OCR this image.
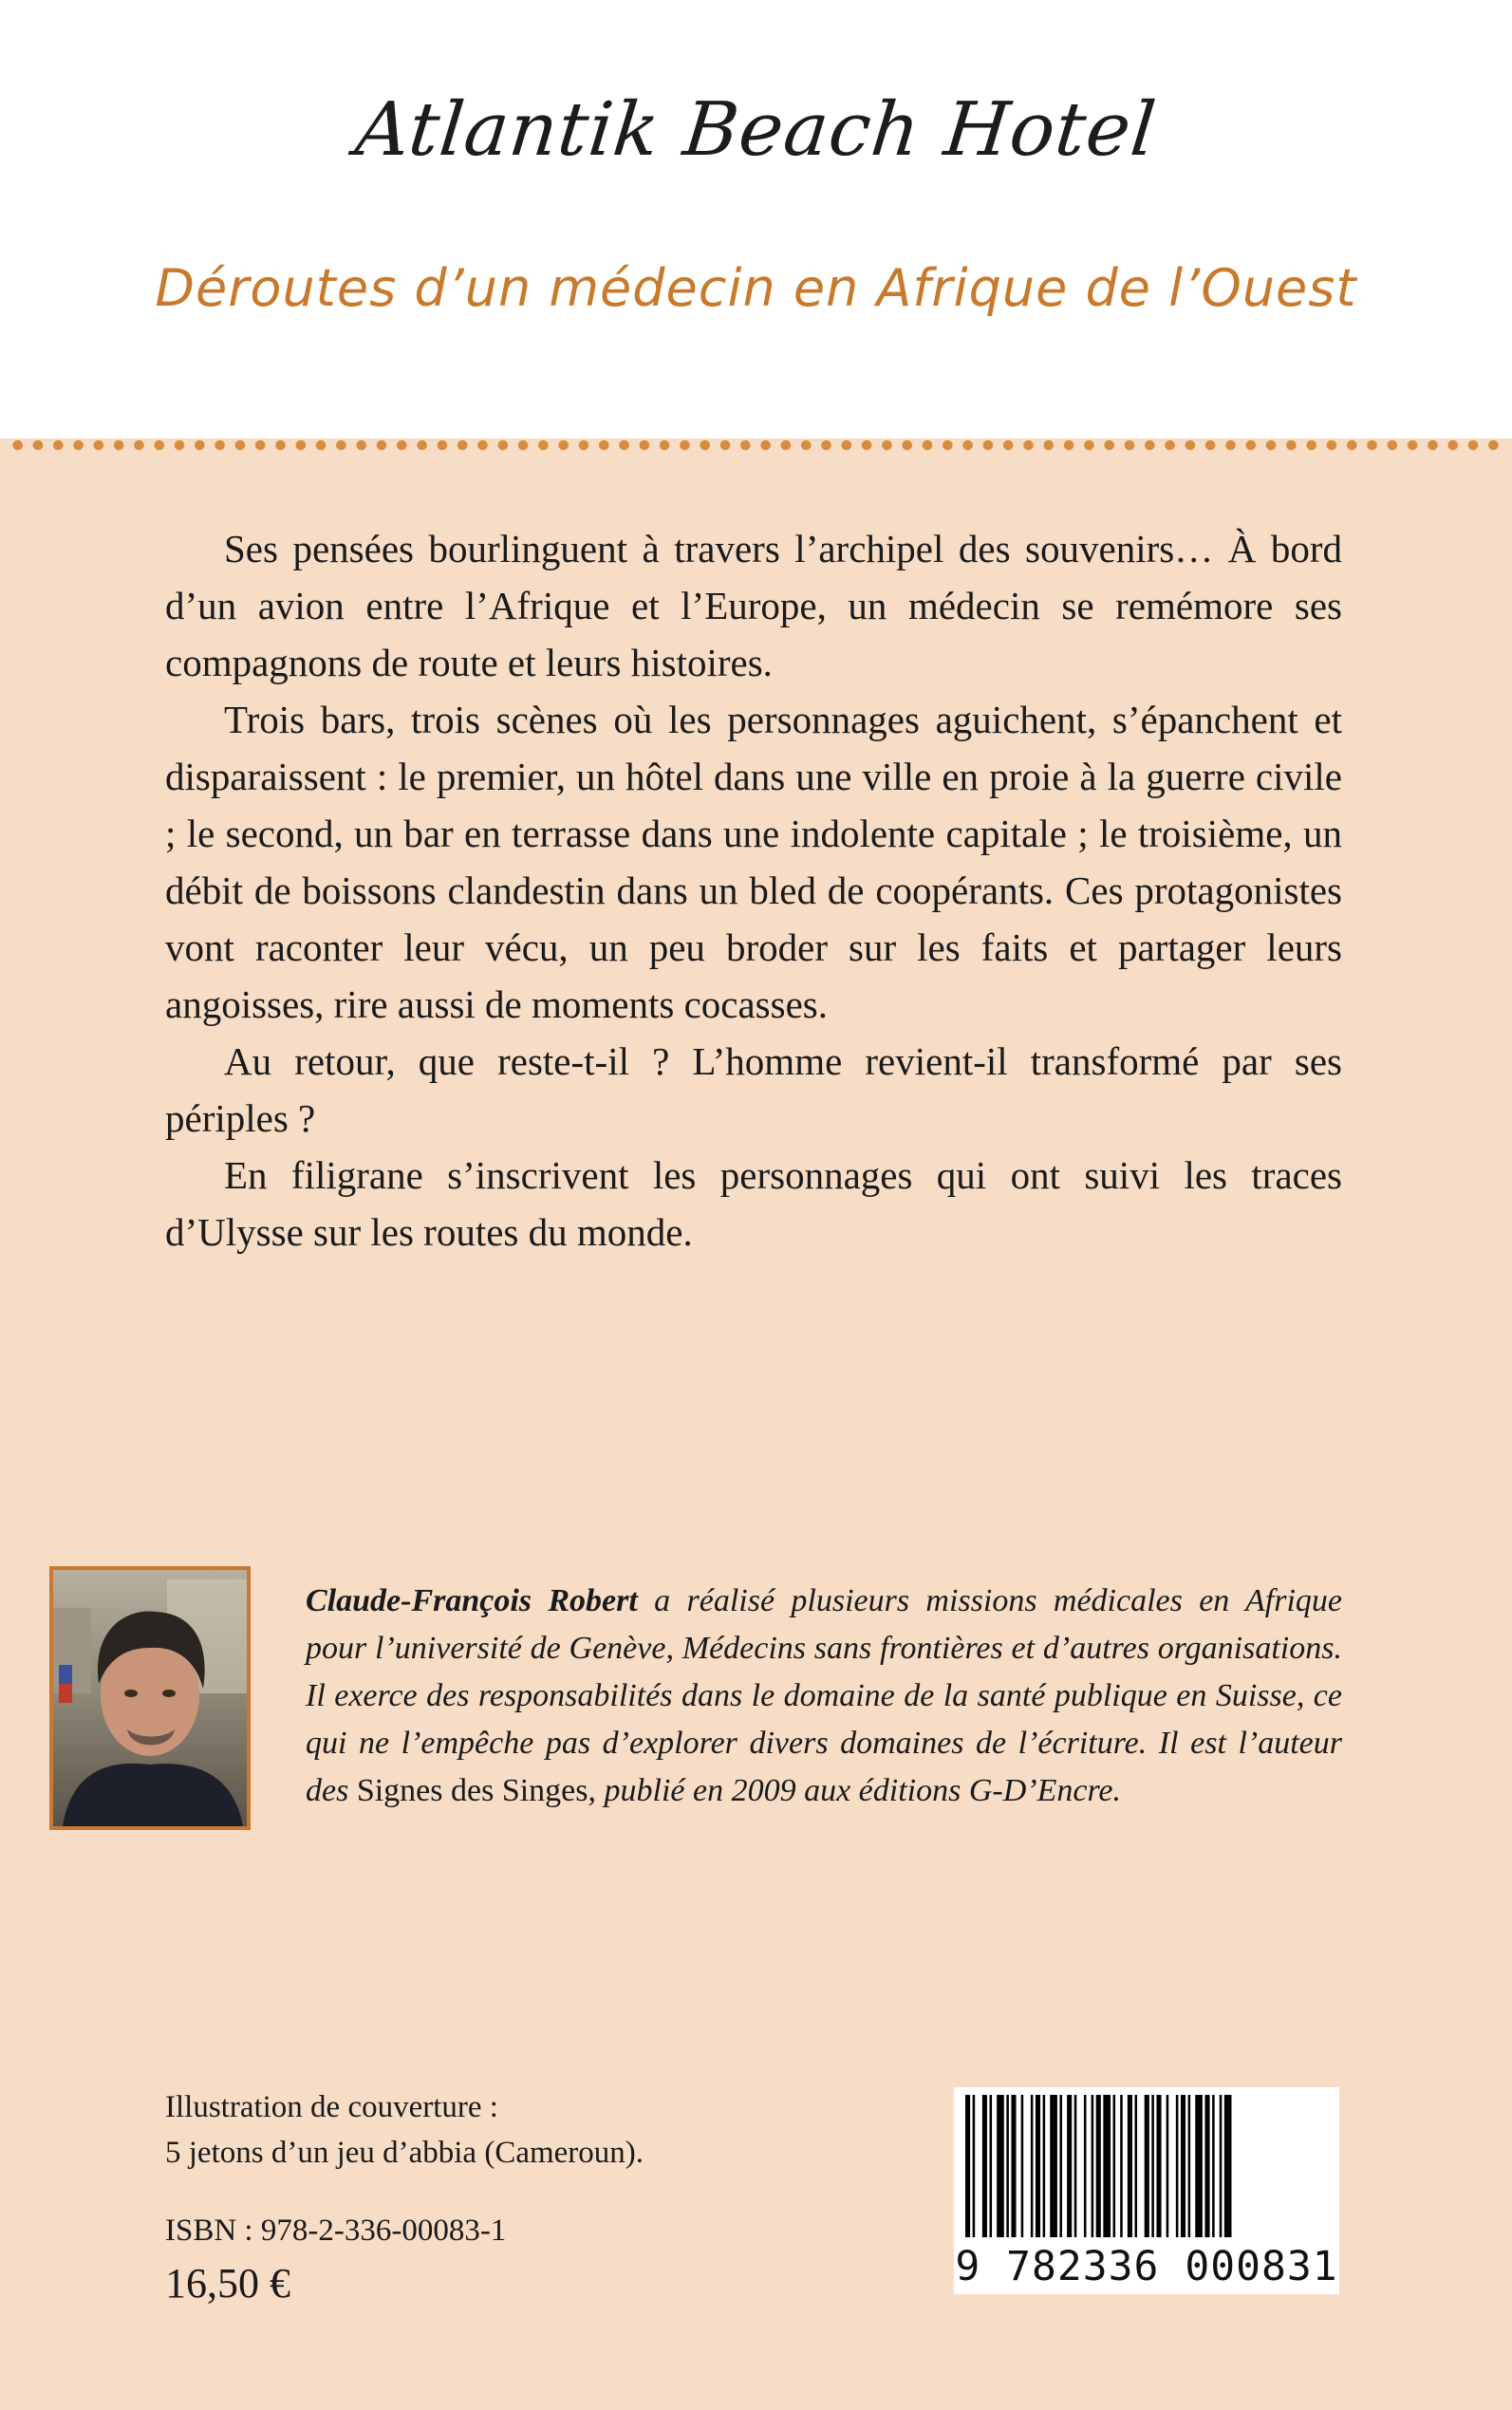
Atlantik Beach Hotel
Déroutes d’un médecin en Afrique de l’Ouest

Ses pensées bourlinguent à travers l’archipel des souvenirs… À bord d’un avion entre l’Afrique et l’Europe, un médecin se remémore ses compagnons de route et leurs histoires.

Trois bars, trois scènes où les personnages aguichent, s’épanchent et disparaissent : le premier, un hôtel dans une ville en proie à la guerre civile ; le second, un bar en terrasse dans une indolente capitale ; le troisième, un débit de boissons clandestin dans un bled de coopérants. Ces protagonistes vont raconter leur vécu, un peu broder sur les faits et partager leurs angoisses, rire aussi de moments cocasses.

Au retour, que reste-t-il ? L’homme revient-il transformé par ses périples ?

En filigrane s’inscrivent les personnages qui ont suivi les traces d’Ulysse sur les routes du monde.

Claude-François Robert a réalisé plusieurs missions médicales en Afrique pour l’université de Genève, Médecins sans frontières et d’autres organisations. Il exerce des responsabilités dans le domaine de la santé publique en Suisse, ce qui ne l’empêche pas d’explorer divers domaines de l’écriture. Il est l’auteur des Signes des Singes, publié en 2009 aux éditions G-D’Encre.
Illustration de couverture :
5 jetons d’un jeu d’abbia (Cameroun).
ISBN : 978-2-336-00083-1
16,50 €	9 782336 000831
